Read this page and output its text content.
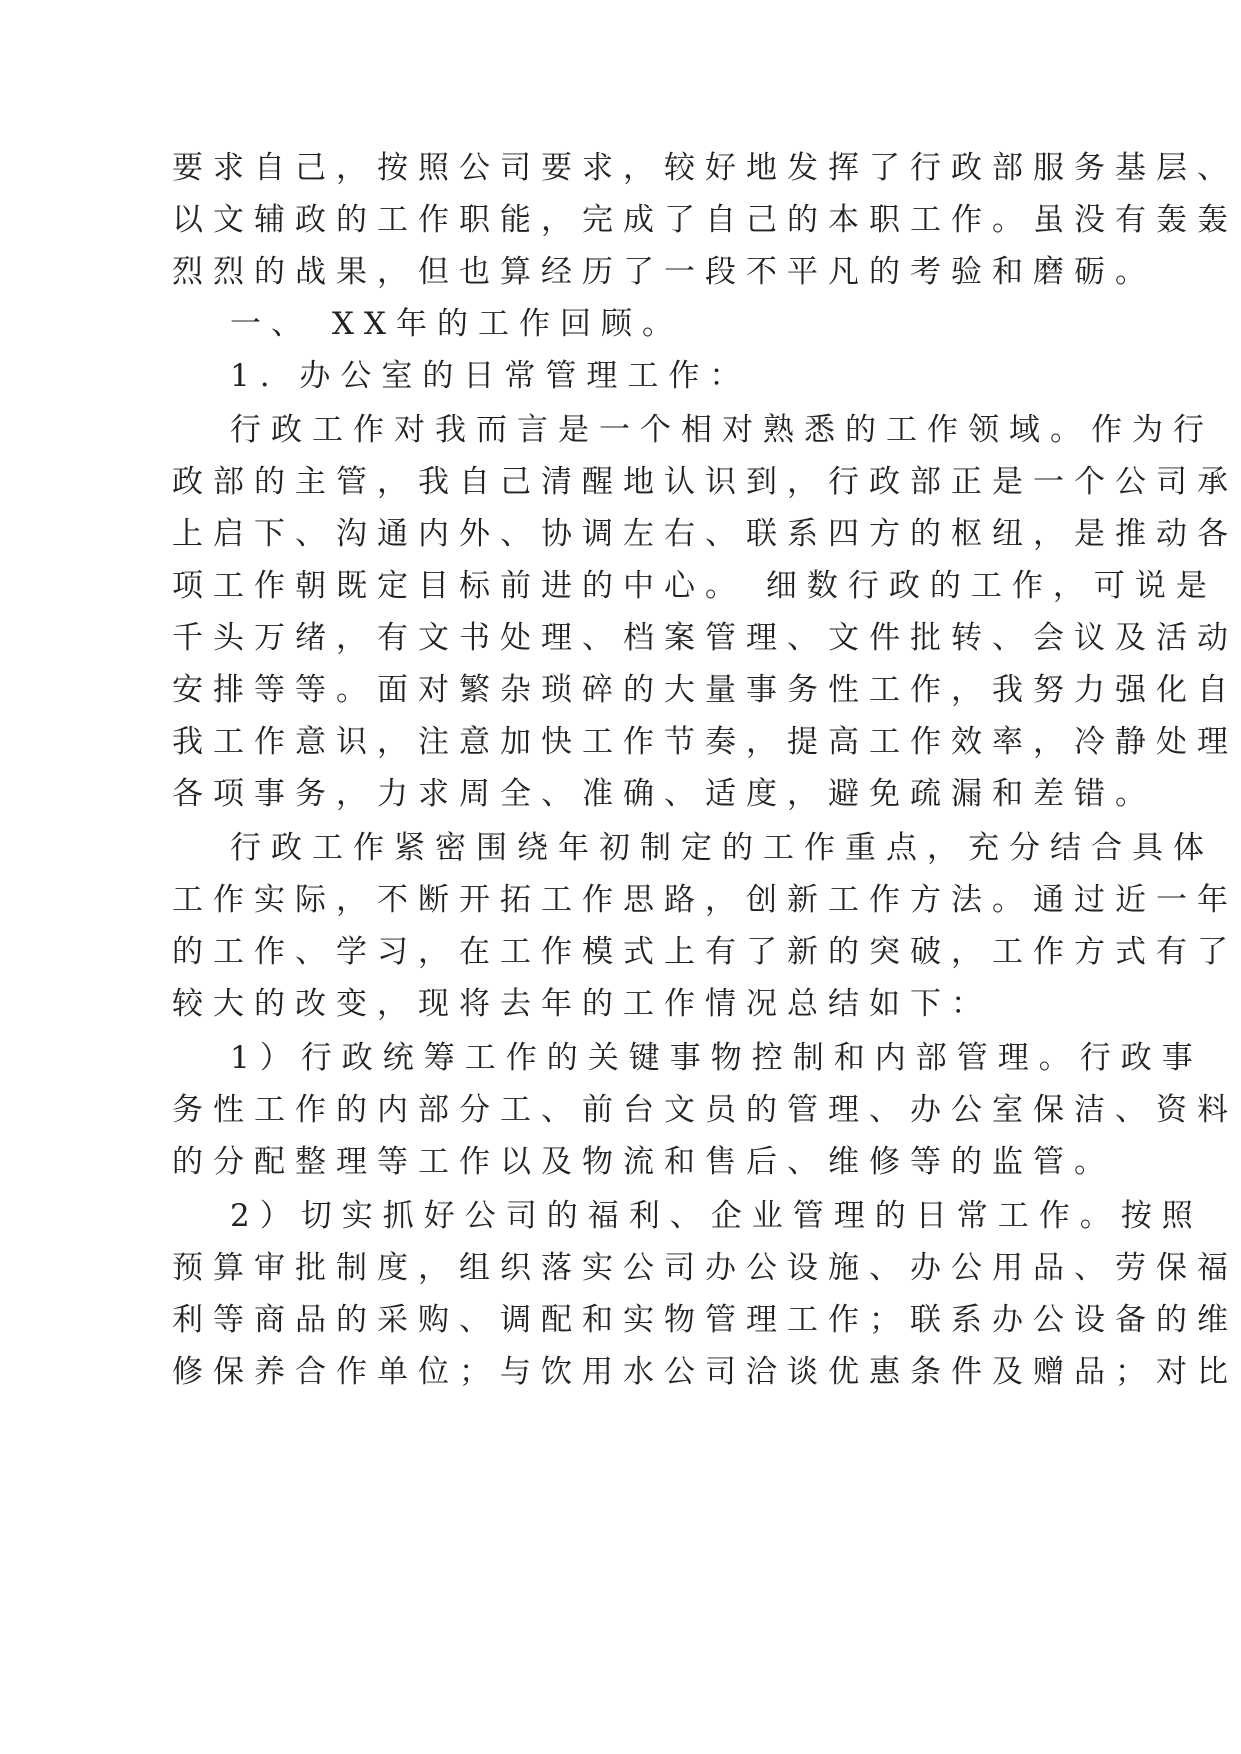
要求自己，按照公司要求，较好地发挥了行政部服务基层、

以文辅政的工作职能，完成了自己的本职工作。虽没有轰轰

烈烈的战果，但也算经历了一段不平凡的考验和磨砺。

一、 XX年的工作回顾。

1. 办公室的日常管理工作：

行政工作对我而言是一个相对熟悉的工作领域。作为行

政部的主管，我自己清醒地认识到，行政部正是一个公司承

上启下、沟通内外、协调左右、联系四方的枢纽，是推动各

项工作朝既定目标前进的中心。 细数行政的工作，可说是

千头万绪，有文书处理、档案管理、文件批转、会议及活动

安排等等。面对繁杂琐碎的大量事务性工作，我努力强化自

我工作意识，注意加快工作节奏，提高工作效率，冷静处理

各项事务，力求周全、准确、适度，避免疏漏和差错。

行政工作紧密围绕年初制定的工作重点，充分结合具体

工作实际，不断开拓工作思路，创新工作方法。通过近一年

的工作、学习，在工作模式上有了新的突破，工作方式有了

较大的改变，现将去年的工作情况总结如下：

1）行政统筹工作的关键事物控制和内部管理。行政事

务性工作的内部分工、前台文员的管理、办公室保洁、资料

的分配整理等工作以及物流和售后、维修等的监管。

2）切实抓好公司的福利、企业管理的日常工作。按照

预算审批制度，组织落实公司办公设施、办公用品、劳保福

利等商品的采购、调配和实物管理工作；联系办公设备的维

修保养合作单位；与饮用水公司洽谈优惠条件及赠品；对比
